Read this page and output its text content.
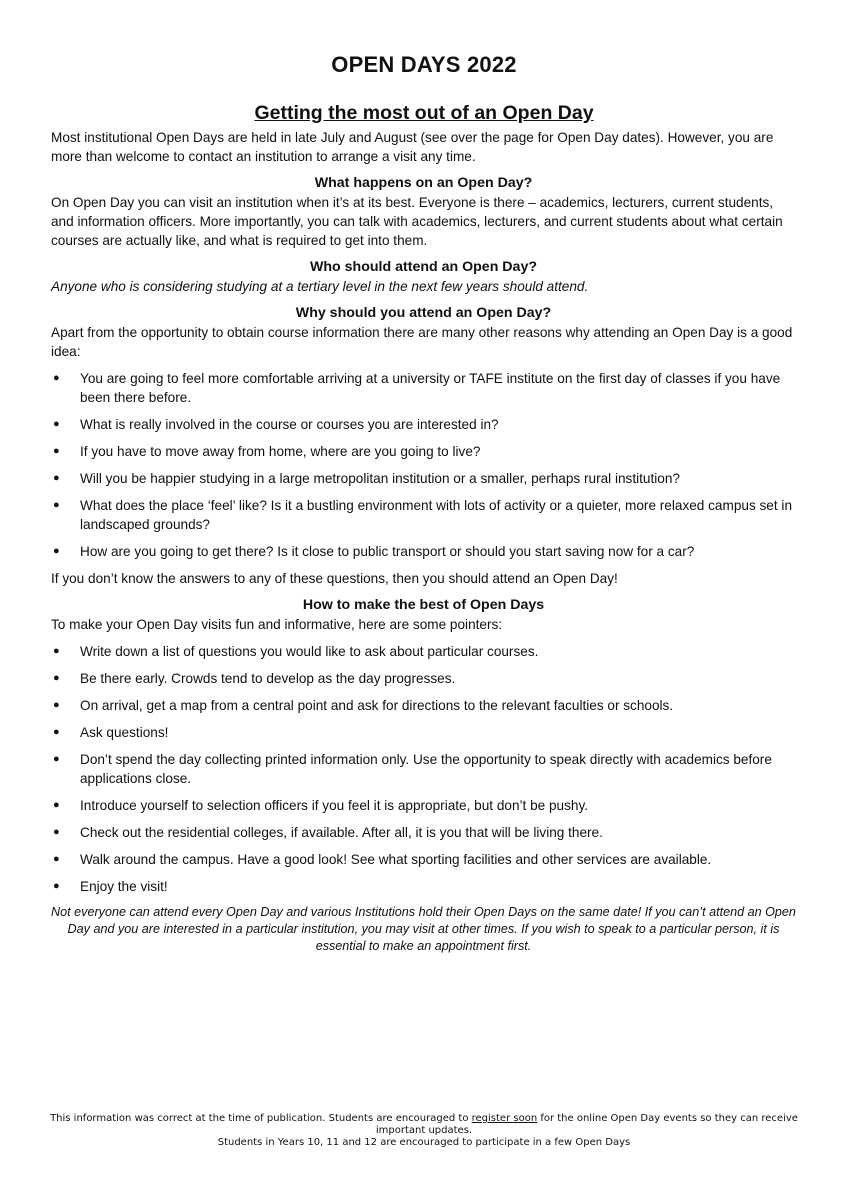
OPEN DAYS 2022
Getting the most out of an Open Day

Most institutional Open Days are held in late July and August (see over the page for Open Day dates). However, you are more than welcome to contact an institution to arrange a visit any time.

What happens on an Open Day?

On Open Day you can visit an institution when it’s at its best. Everyone is there – academics, lecturers, current students, and information officers. More importantly, you can talk with academics, lecturers, and current students about what certain courses are actually like, and what is required to get into them.

Who should attend an Open Day?

Anyone who is considering studying at a tertiary level in the next few years should attend.

Why should you attend an Open Day?

Apart from the opportunity to obtain course information there are many other reasons why attending an Open Day is a good idea:

● You are going to feel more comfortable arriving at a university or TAFE institute on the first day of classes if you have been there before.
● What is really involved in the course or courses you are interested in?
● If you have to move away from home, where are you going to live?
● Will you be happier studying in a large metropolitan institution or a smaller, perhaps rural institution?
● What does the place ‘feel’ like? Is it a bustling environment with lots of activity or a quieter, more relaxed campus set in landscaped grounds?
● How are you going to get there? Is it close to public transport or should you start saving now for a car?

If you don’t know the answers to any of these questions, then you should attend an Open Day!

How to make the best of Open Days

To make your Open Day visits fun and informative, here are some pointers:

● Write down a list of questions you would like to ask about particular courses.
● Be there early. Crowds tend to develop as the day progresses.
● On arrival, get a map from a central point and ask for directions to the relevant faculties or schools.
● Ask questions!
● Don’t spend the day collecting printed information only. Use the opportunity to speak directly with academics before applications close.
● Introduce yourself to selection officers if you feel it is appropriate, but don’t be pushy.
● Check out the residential colleges, if available. After all, it is you that will be living there.
● Walk around the campus. Have a good look! See what sporting facilities and other services are available.
● Enjoy the visit!

Not everyone can attend every Open Day and various Institutions hold their Open Days on the same date! If you can’t attend an Open Day and you are interested in a particular institution, you may visit at other times. If you wish to speak to a particular person, it is essential to make an appointment first.

This information was correct at the time of publication. Students are encouraged to register soon for the online Open Day events so they can receive important updates.
Students in Years 10, 11 and 12 are encouraged to participate in a few Open Days
